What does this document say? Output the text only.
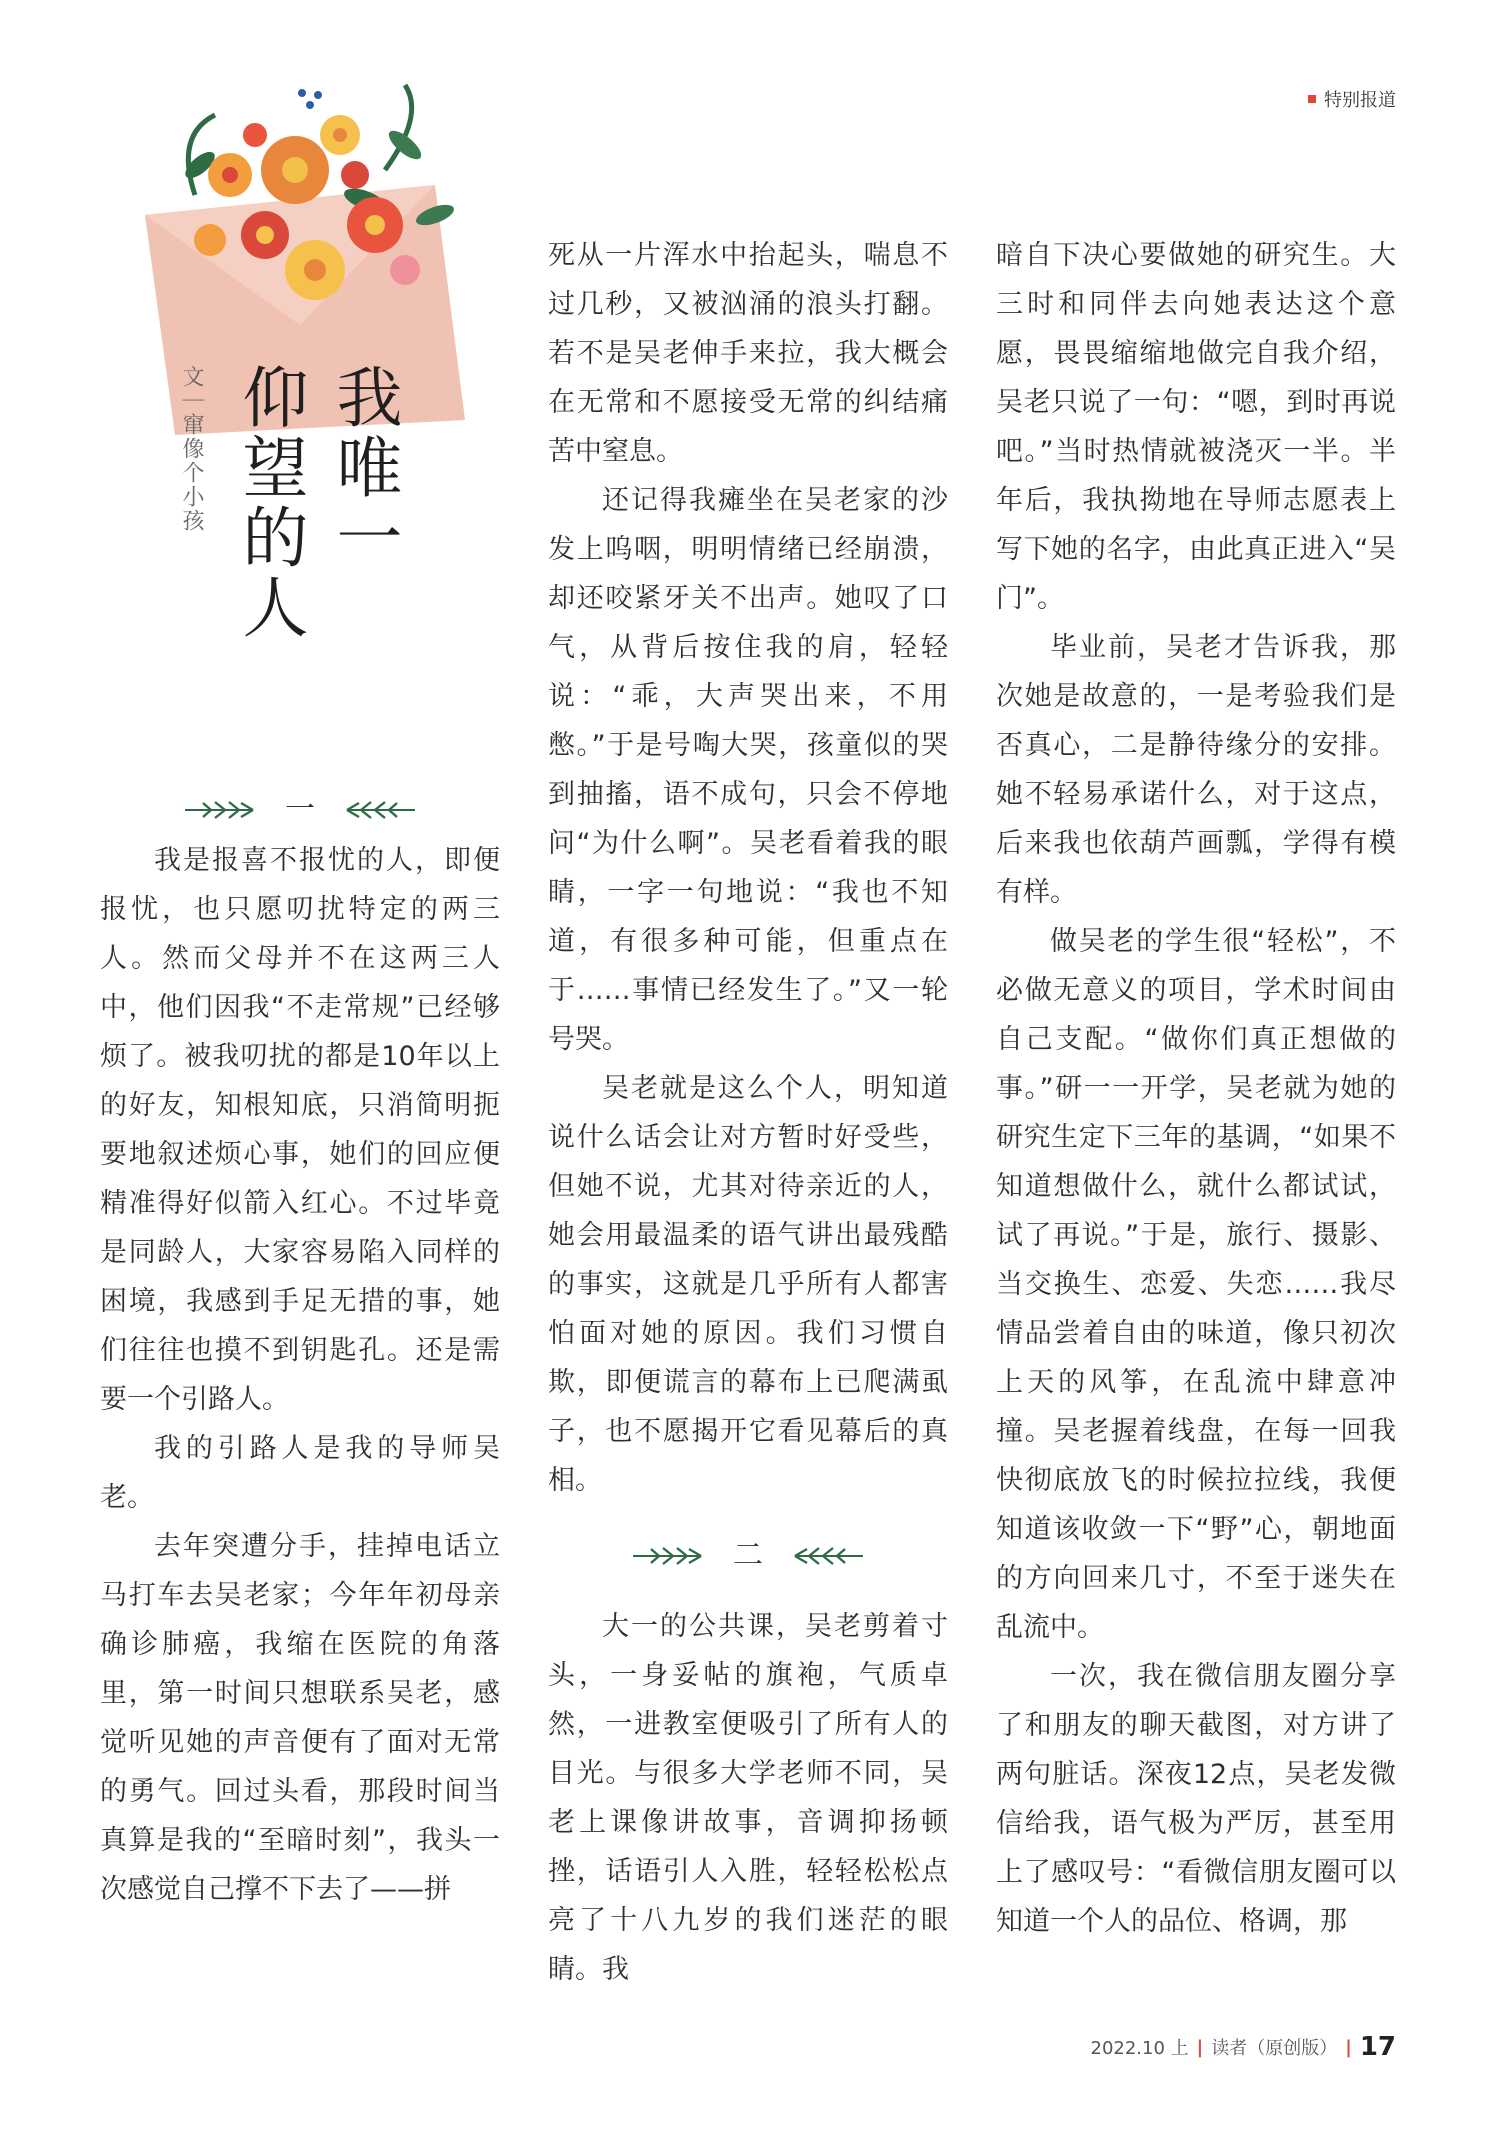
特别报道
我唯一
仰望的人
文｜窜像个小孩
一

我是报喜不报忧的人，即便报忧，也只愿叨扰特定的两三人。然而父母并不在这两三人中，他们因我“不走常规”已经够烦了。被我叨扰的都是10年以上的好友，知根知底，只消简明扼要地叙述烦心事，她们的回应便精准得好似箭入红心。不过毕竟是同龄人，大家容易陷入同样的困境，我感到手足无措的事，她们往往也摸不到钥匙孔。还是需要一个引路人。

我的引路人是我的导师吴老。

去年突遭分手，挂掉电话立马打车去吴老家；今年年初母亲确诊肺癌，我缩在医院的角落里，第一时间只想联系吴老，感觉听见她的声音便有了面对无常的勇气。回过头看，那段时间当真算是我的“至暗时刻”，我头一次感觉自己撑不下去了——拼

死从一片浑水中抬起头，喘息不过几秒，又被汹涌的浪头打翻。若不是吴老伸手来拉，我大概会在无常和不愿接受无常的纠结痛苦中窒息。

还记得我瘫坐在吴老家的沙发上呜咽，明明情绪已经崩溃，却还咬紧牙关不出声。她叹了口气，从背后按住我的肩，轻轻说：“乖，大声哭出来，不用憋。”于是号啕大哭，孩童似的哭到抽搐，语不成句，只会不停地问“为什么啊”。吴老看着我的眼睛，一字一句地说：“我也不知道，有很多种可能，但重点在于……事情已经发生了。”又一轮号哭。

吴老就是这么个人，明知道说什么话会让对方暂时好受些，但她不说，尤其对待亲近的人，她会用最温柔的语气讲出最残酷的事实，这就是几乎所有人都害怕面对她的原因。我们习惯自欺，即便谎言的幕布上已爬满虱子，也不愿揭开它看见幕后的真相。

二

大一的公共课，吴老剪着寸头，一身妥帖的旗袍，气质卓然，一进教室便吸引了所有人的目光。与很多大学老师不同，吴老上课像讲故事，音调抑扬顿挫，话语引人入胜，轻轻松松点亮了十八九岁的我们迷茫的眼睛。我

暗自下决心要做她的研究生。大三时和同伴去向她表达这个意愿，畏畏缩缩地做完自我介绍，吴老只说了一句：“嗯，到时再说吧。”当时热情就被浇灭一半。半年后，我执拗地在导师志愿表上写下她的名字，由此真正进入“吴门”。

毕业前，吴老才告诉我，那次她是故意的，一是考验我们是否真心，二是静待缘分的安排。她不轻易承诺什么，对于这点，后来我也依葫芦画瓢，学得有模有样。

做吴老的学生很“轻松”，不必做无意义的项目，学术时间由自己支配。“做你们真正想做的事。”研一一开学，吴老就为她的研究生定下三年的基调，“如果不知道想做什么，就什么都试试，试了再说。”于是，旅行、摄影、当交换生、恋爱、失恋……我尽情品尝着自由的味道，像只初次上天的风筝，在乱流中肆意冲撞。吴老握着线盘，在每一回我快彻底放飞的时候拉拉线，我便知道该收敛一下“野”心，朝地面的方向回来几寸，不至于迷失在乱流中。

一次，我在微信朋友圈分享了和朋友的聊天截图，对方讲了两句脏话。深夜12点，吴老发微信给我，语气极为严厉，甚至用上了感叹号：“看微信朋友圈可以知道一个人的品位、格调，那

2022.10 上 | 读者（原创版） | 17
